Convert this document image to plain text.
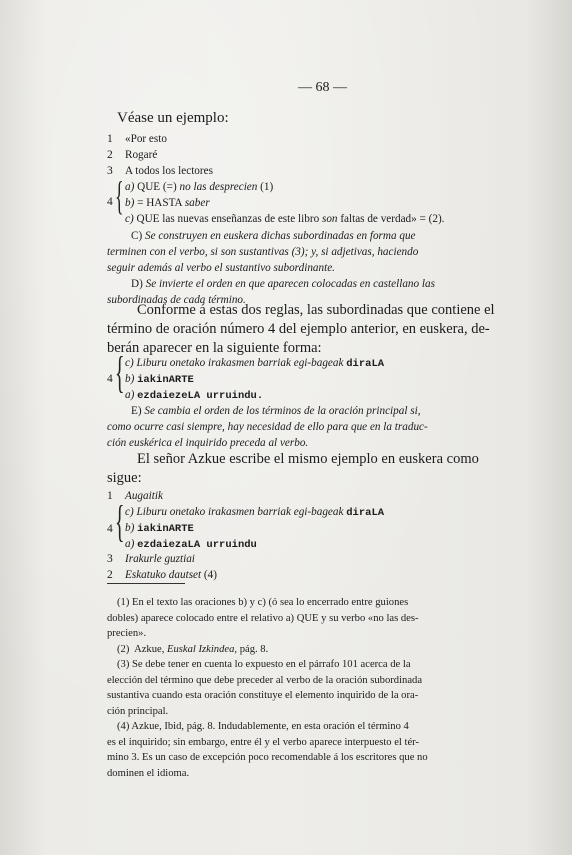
— 68 —
Véase un ejemplo:
1 «Por esto
2 Rogaré
3 A todos los lectores
4 { a) QUE (=) no las desprecien (1)
b) = HASTA saber
c) QUE las nuevas enseñanzas de este libro son faltas de verdad» = (2).
C) Se construyen en euskera dichas subordinadas en forma que
terminen con el verbo, si son sustantivas (3); y, si adjetivas, haciendo
seguir además al verbo el sustantivo subordinante.
D) Se invierte el orden en que aparecen colocadas en castellano las
subordinadas de cada término.
Conforme á estas dos reglas, las subordinadas que contiene el
término de oración número 4 del ejemplo anterior, en euskera, de-
berán aparecer en la siguiente forma:
4 { c) Liburu onetako irakasmen barriak egi-bageak diraLA
b) iakinARTE
a) ezdaiezeLA urruindu.
E) Se cambia el orden de los términos de la oración principal si,
como ocurre casi siempre, hay necesidad de ello para que en la traduc-
ción euskérica el inquirido preceda al verbo.
El señor Azkue escribe el mismo ejemplo en euskera como
sigue:
1 Augaitik
4 { c) Liburu onetako irakasmen barriak egi-bageak diraLA
b) iakinARTE
a) ezdaiezaLA urruindu
3 Irakurle guztiai
2 Eskatuko dautset (4)
(1) En el texto las oraciones b) y c) (ó sea lo encerrado entre guiones
dobles) aparece colocado entre el relativo a) QUE y su verbo «no las des-
precien».
(2) Azkue, Euskal Izkindea, pág. 8.
(3) Se debe tener en cuenta lo expuesto en el párrafo 101 acerca de la
elección del término que debe preceder al verbo de la oración subordinada
sustantiva cuando esta oración constituye el elemento inquirido de la ora-
ción principal.
(4) Azkue, Ibid, pág. 8. Indudablemente, en esta oración el término 4
es el inquirido; sin embargo, entre él y el verbo aparece interpuesto el tér-
mino 3. Es un caso de excepción poco recomendable á los escritores que no
dominen el idioma.
